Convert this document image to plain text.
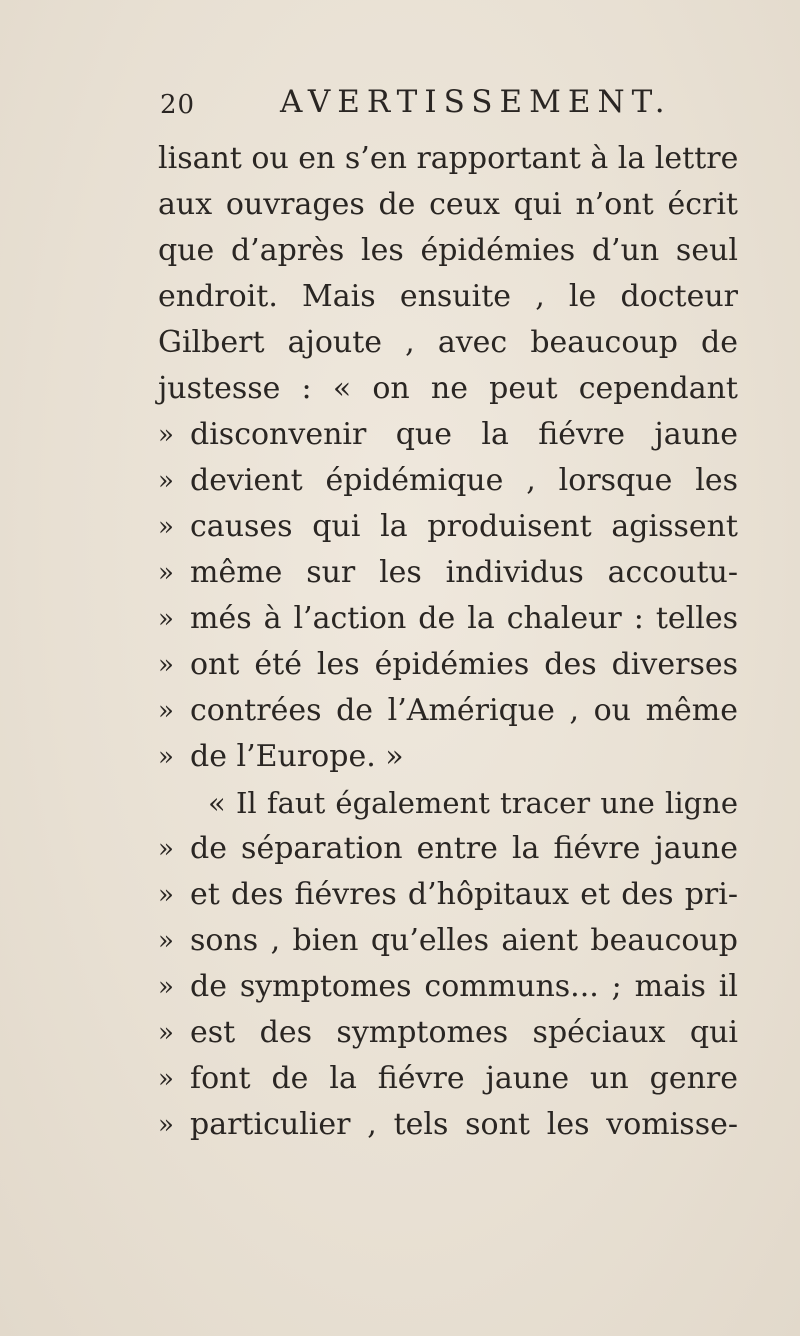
20	AVERTISSEMENT.
lisant ou en s’en rapportant à la lettre
aux ouvrages de ceux qui n’ont écrit
que d’après les épidémies d’un seul
endroit. Mais ensuite , le docteur
Gilbert ajoute , avec beaucoup de
justesse : « on ne peut cependant
» disconvenir que la fiévre jaune
» devient épidémique , lorsque les
» causes qui la produisent agissent
» même sur les individus accoutu-
» més à l’action de la chaleur : telles
» ont été les épidémies des diverses
» contrées de l’Amérique , ou même
» de l’Europe. »
« Il faut également tracer une ligne
» de séparation entre la fiévre jaune
» et des fiévres d’hôpitaux et des pri-
» sons , bien qu’elles aient beaucoup
» de symptomes communs... ; mais il
» est des symptomes spéciaux qui
» font de la fiévre jaune un genre
» particulier , tels sont les vomisse-
